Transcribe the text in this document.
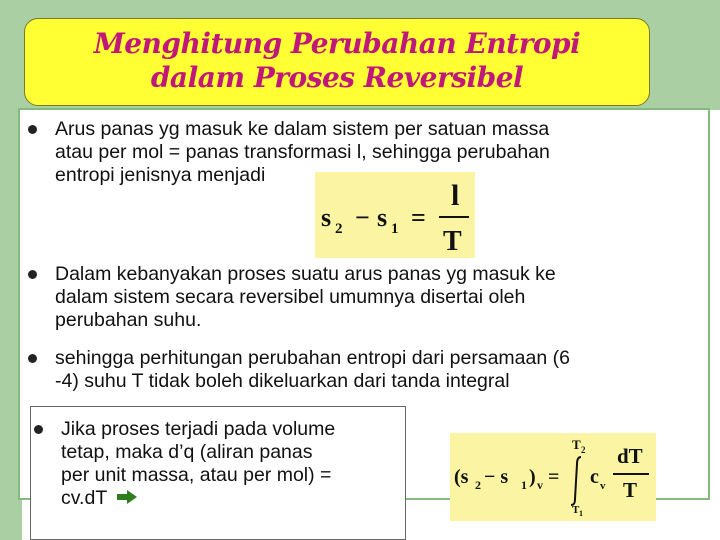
Menghitung Perubahan Entropi
dalam Proses Reversibel
Arus panas yg masuk ke dalam sistem per satuan massa
atau per mol = panas transformasi l, sehingga perubahan
entropi jenisnya menjadi
s 2 − s 1 =
l
T
Dalam kebanyakan proses suatu arus panas yg masuk ke
dalam sistem secara reversibel umumnya disertai oleh
perubahan suhu.
sehingga perhitungan perubahan entropi dari persamaan (6
-4) suhu T tidak boleh dikeluarkan dari tanda integral
Jika proses terjadi pada volume
tetap, maka d’q (aliran panas
per unit massa, atau per mol) =
cv.dT
(s 2 − s 1 ) v =
T 2
T 1
c v
dT
T
